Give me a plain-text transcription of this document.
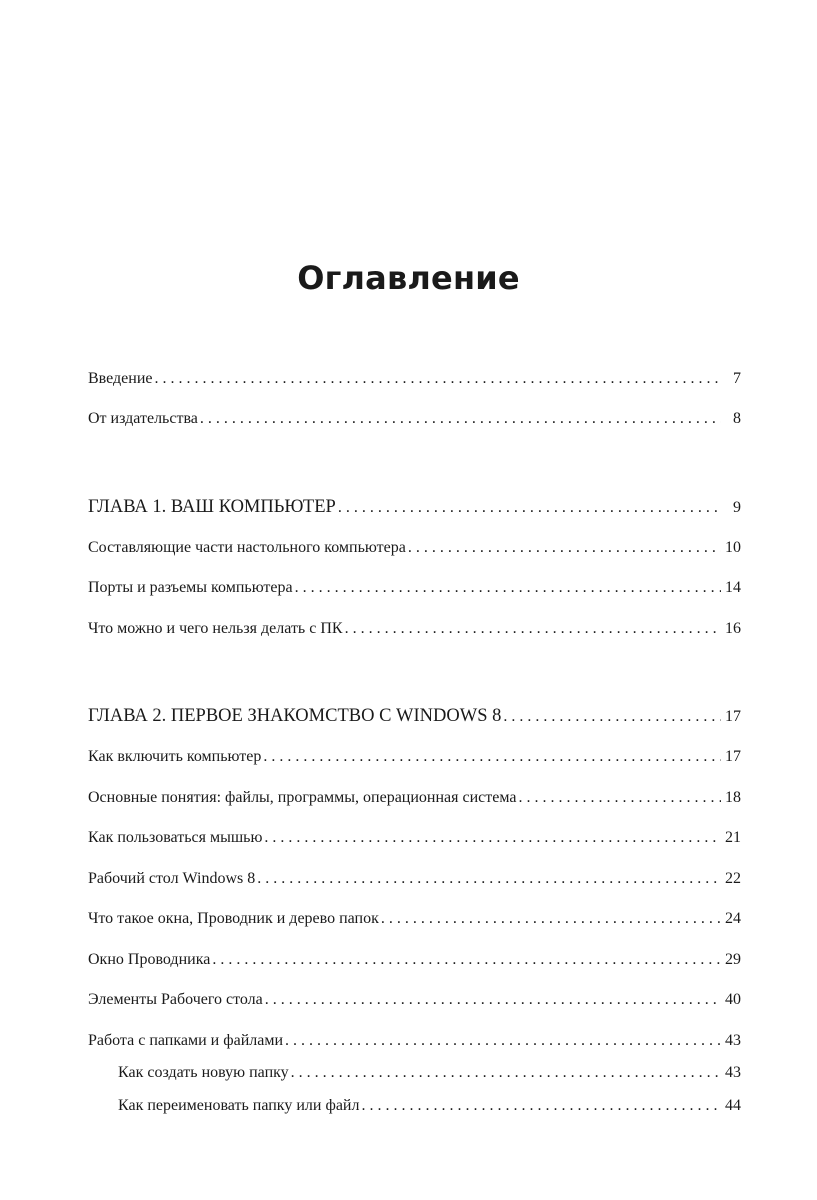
Оглавление
Введение . . .	7
От издательства . . .	8
ГЛАВА 1. ВАШ КОМПЬЮТЕР . . .	9
Составляющие части настольного компьютера . . .	10
Порты и разъемы компьютера . . .	14
Что можно и чего нельзя делать с ПК . . .	16
ГЛАВА 2. ПЕРВОЕ ЗНАКОМСТВО С WINDOWS 8 . . .	17
Как включить компьютер . . .	17
Основные понятия: файлы, программы, операционная система . . .	18
Как пользоваться мышью . . .	21
Рабочий стол Windows 8 . . .	22
Что такое окна, Проводник и дерево папок . . .	24
Окно Проводника . . .	29
Элементы Рабочего стола . . .	40
Работа с папками и файлами . . .	43
Как создать новую папку . . .	43
Как переименовать папку или файл . . .	44
